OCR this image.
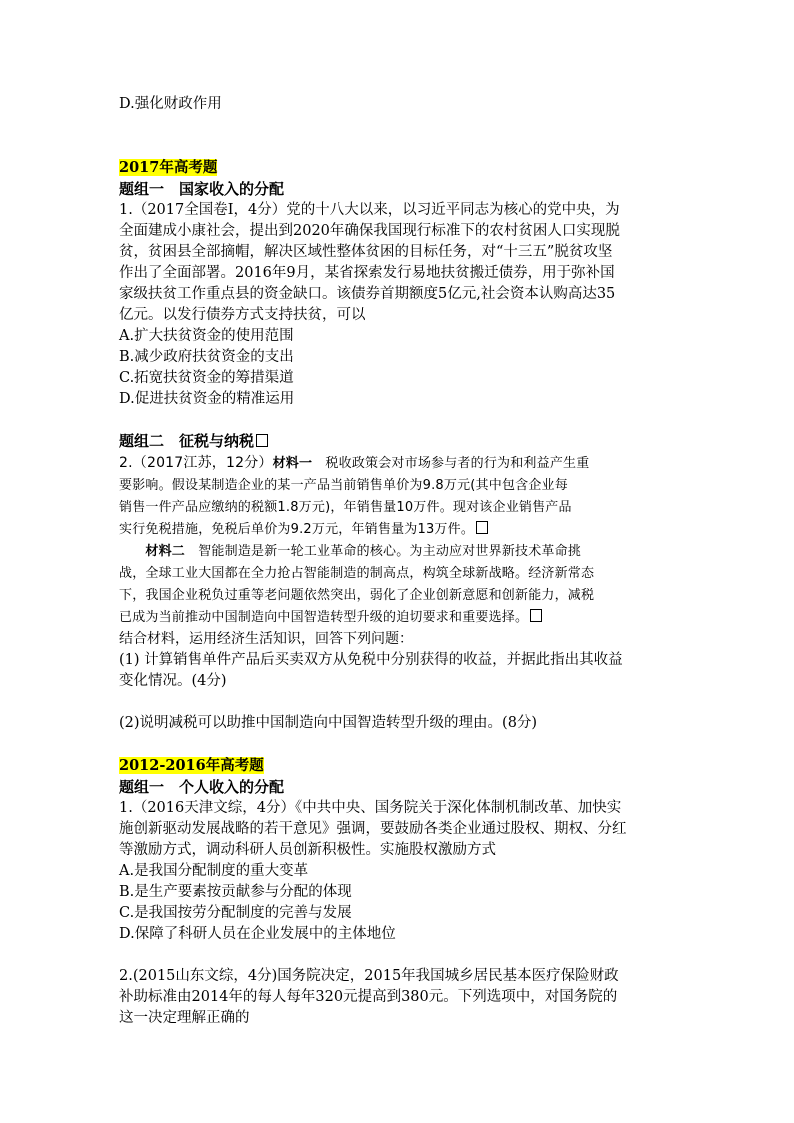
D.强化财政作用

2017年高考题

题组一　国家收入的分配

1.（2017全国卷Ⅰ，4分）党的十八大以来，以习近平同志为核心的党中央，为

全面建成小康社会，提出到2020年确保我国现行标准下的农村贫困人口实现脱

贫，贫困县全部摘帽，解决区域性整体贫困的目标任务，对“十三五”脱贫攻坚

作出了全面部署。2016年9月，某省探索发行易地扶贫搬迁债券，用于弥补国

家级扶贫工作重点县的资金缺口。该债券首期额度5亿元,社会资本认购高达35

亿元。以发行债券方式支持扶贫，可以

A.扩大扶贫资金的使用范围

B.减少政府扶贫资金的支出

C.拓宽扶贫资金的筹措渠道

D.促进扶贫资金的精准运用

题组二　征税与纳税

2.（2017江苏，12分）材料一　税收政策会对市场参与者的行为和利益产生重

要影响。假设某制造企业的某一产品当前销售单价为9.8万元(其中包含企业每

销售一件产品应缴纳的税额1.8万元)，年销售量10万件。现对该企业销售产品

实行免税措施，免税后单价为9.2万元，年销售量为13万件。

　　材料二　智能制造是新一轮工业革命的核心。为主动应对世界新技术革命挑

战，全球工业大国都在全力抢占智能制造的制高点，构筑全球新战略。经济新常态

下，我国企业税负过重等老问题依然突出，弱化了企业创新意愿和创新能力，减税

已成为当前推动中国制造向中国智造转型升级的迫切要求和重要选择。

结合材料，运用经济生活知识，回答下列问题：

(1) 计算销售单件产品后买卖双方从免税中分别获得的收益，并据此指出其收益

变化情况。(4分)

(2)说明减税可以助推中国制造向中国智造转型升级的理由。(8分)

2012-2016年高考题

题组一　个人收入的分配

1.（2016天津文综，4分）《中共中央、国务院关于深化体制机制改革、加快实

施创新驱动发展战略的若干意见》强调，要鼓励各类企业通过股权、期权、分红

等激励方式，调动科研人员创新积极性。实施股权激励方式

A.是我国分配制度的重大变革

B.是生产要素按贡献参与分配的体现

C.是我国按劳分配制度的完善与发展

D.保障了科研人员在企业发展中的主体地位

2.(2015山东文综，4分)国务院决定，2015年我国城乡居民基本医疗保险财政

补助标准由2014年的每人每年320元提高到380元。下列选项中，对国务院的

这一决定理解正确的
